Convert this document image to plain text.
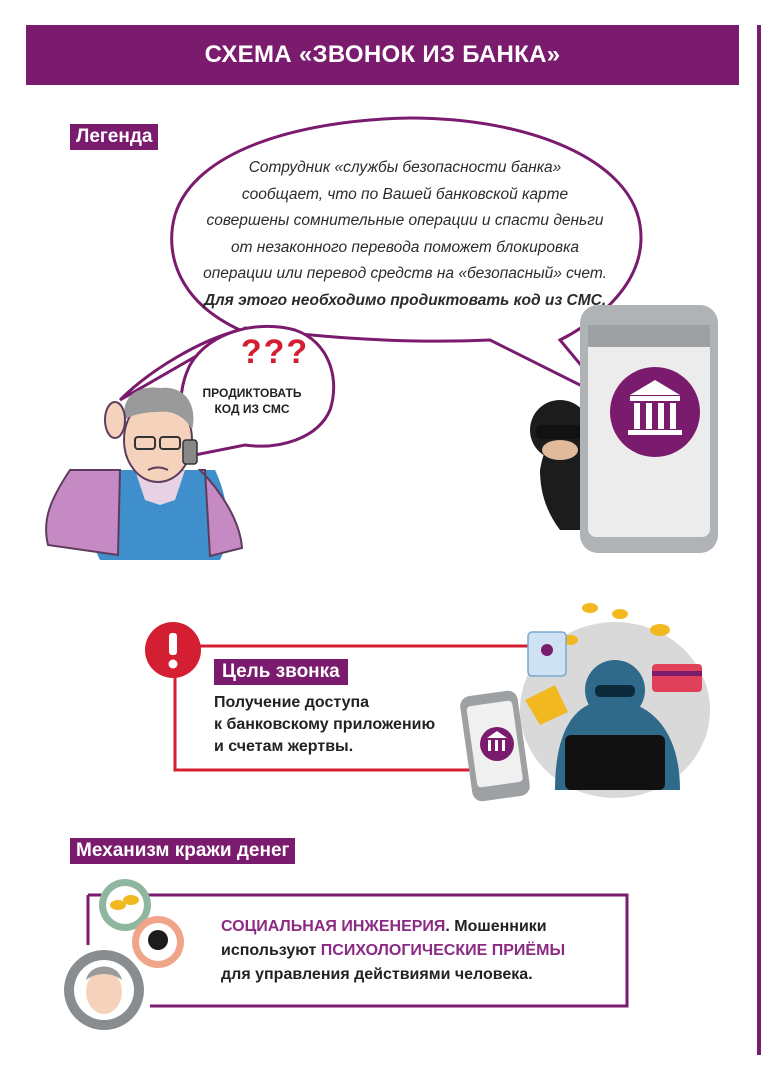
СХЕМА «ЗВОНОК ИЗ БАНКА»
Легенда
Сотрудник «службы безопасности банка»
сообщает, что по Вашей банковской карте
совершены сомнительные операции и спасти деньги
от незаконного перевода поможет блокировка
операции или перевод средств на «безопасный» счет.
Для этого необходимо продиктовать код из СМС.
???
ПРОДИКТОВАТЬ
КОД ИЗ СМС
Цель звонка
Получение доступа
к банковскому приложению
и счетам жертвы.
Механизм кражи денег
СОЦИАЛЬНАЯ ИНЖЕНЕРИЯ. Мошенники
используют ПСИХОЛОГИЧЕСКИЕ ПРИЁМЫ
для управления действиями человека.
